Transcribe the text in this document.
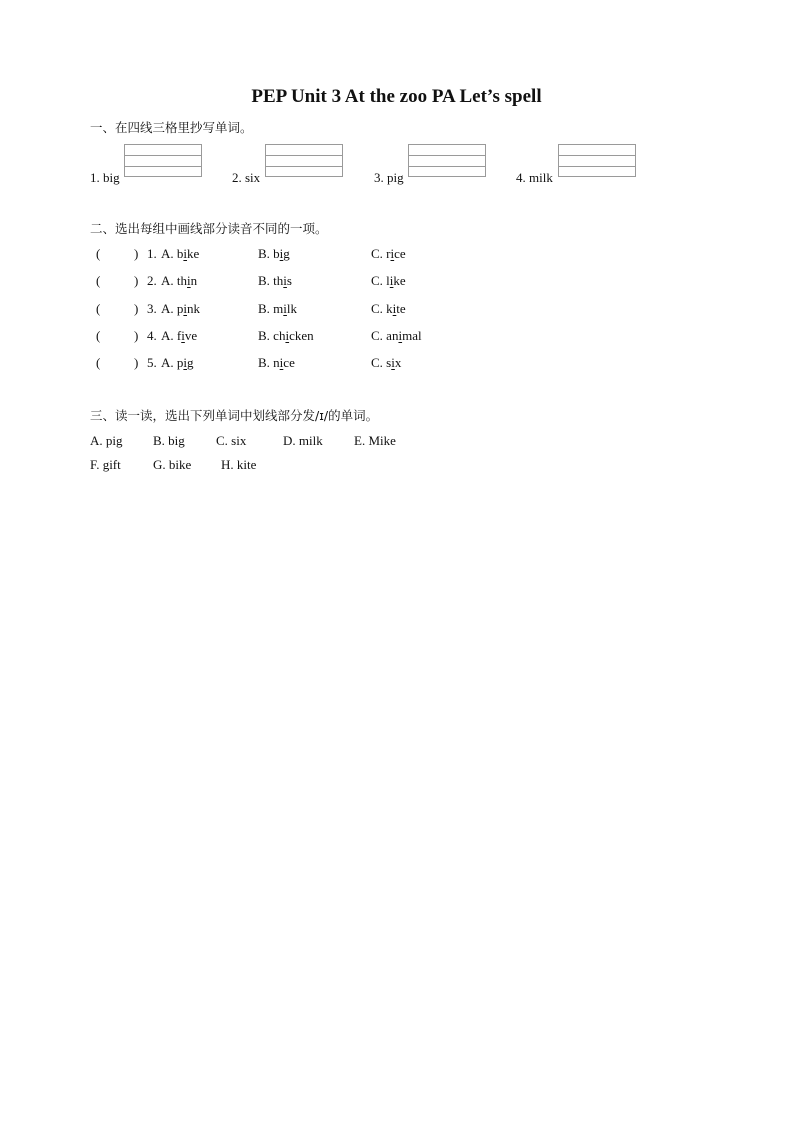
PEP Unit 3 At the zoo PA Let’s spell
一、在四线三格里抄写单词。
1. big	2. six	3. pig	4. milk
二、选出每组中画线部分读音不同的一项。
(	) 1. A. bike	B. big	C. rice
(	) 2. A. thin	B. this	C. like
(	) 3. A. pink	B. milk	C. kite
(	) 4. A. five	B. chicken	C. animal
(	) 5. A. pig	B. nice	C. six
三、读一读，选出下列单词中划线部分发/ɪ/的单词。
A. pig B. big C. six	D. milk E. Mike
F. gift G. bike H. kite
